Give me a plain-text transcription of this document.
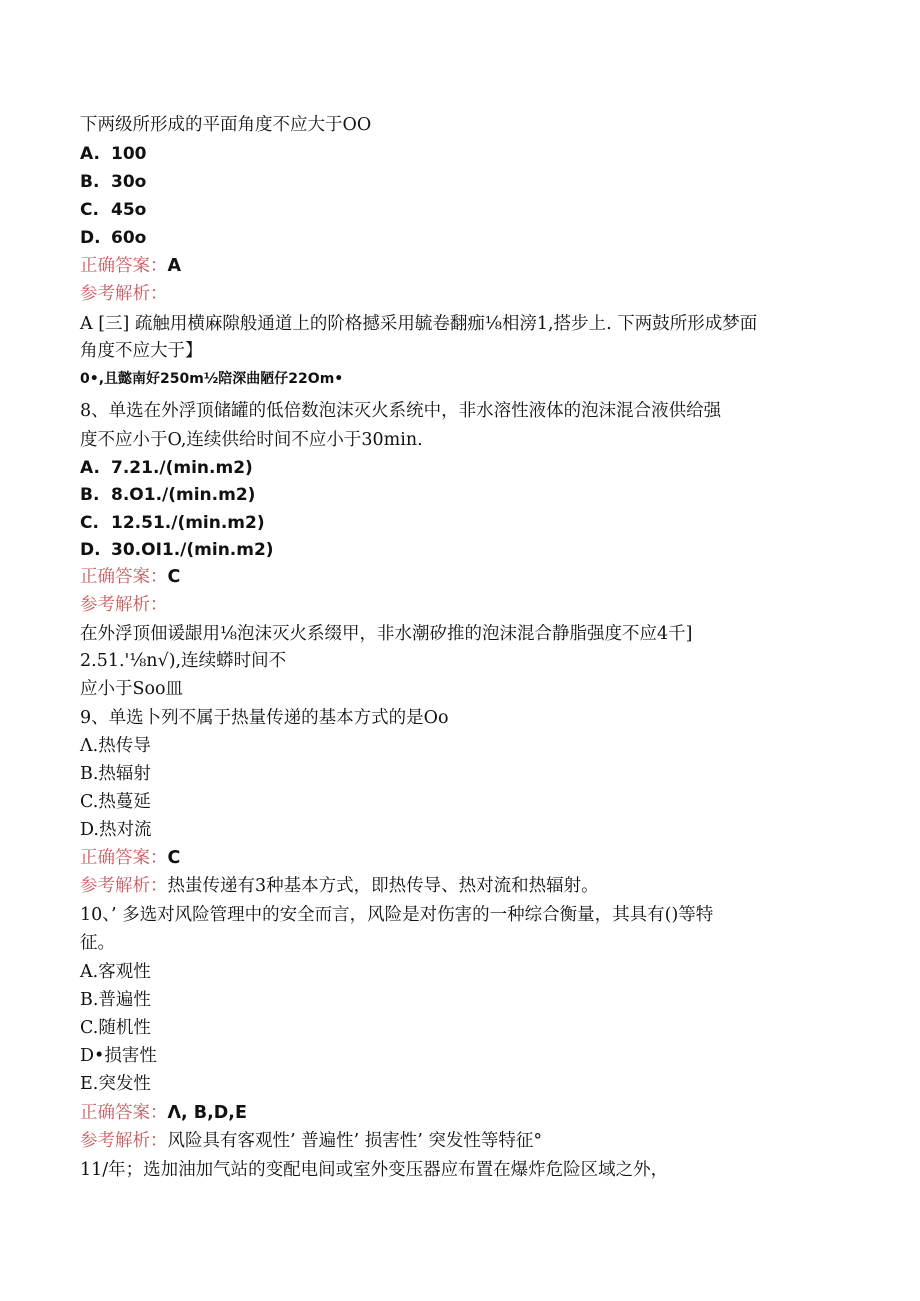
下两级所形成的平面角度不应大于OO
A. 100
B. 30o
C. 45o
D. 60o
正确答案：A
参考解析：
A [三] 疏触用横麻隙般通道上的阶格撼采用毓卷翻痂⅛相滂1,搭步上. 下两鼓所形成梦面
角度不应大于】
0•,且懿南好250m½陪深曲陋仔22Om•
8、单选在外浮顶储罐的低倍数泡沫灭火系统中，非水溶性液体的泡沫混合液供给强
度不应小于O,连续供给时间不应小于30min.
A. 7.21./(min.m2)
B. 8.O1./(min.m2)
C. 12.51./(min.m2)
D. 30.OI1./(min.m2)
正确答案：C
参考解析：
在外浮顶佃谖龈用⅛泡沫灭火系缀甲，非水潮矽推的泡沫混合静脂强度不应4千]
2.51.'⅛n√),连续蟒时间不
应小于Soo皿
9、单选卜列不属于热量传递的基本方式的是Oo
Λ.热传导
B.热辐射
C.热蔓延
D.热对流
正确答案：C
参考解析：热蚩传递有3种基本方式，即热传导、热对流和热辐射。
10、’ 多选对风险管理中的安全而言，风险是对伤害的一种综合衡量，其具有()等特
征。
A.客观性
B.普遍性
C.随机性
D•损害性
E.突发性
正确答案：Λ, B,D,E
参考解析：风险具有客观性’ 普遍性’ 损害性’ 突发性等特征°
11/年；选加油加气站的变配电间或室外变压器应布置在爆炸危险区域之外，
